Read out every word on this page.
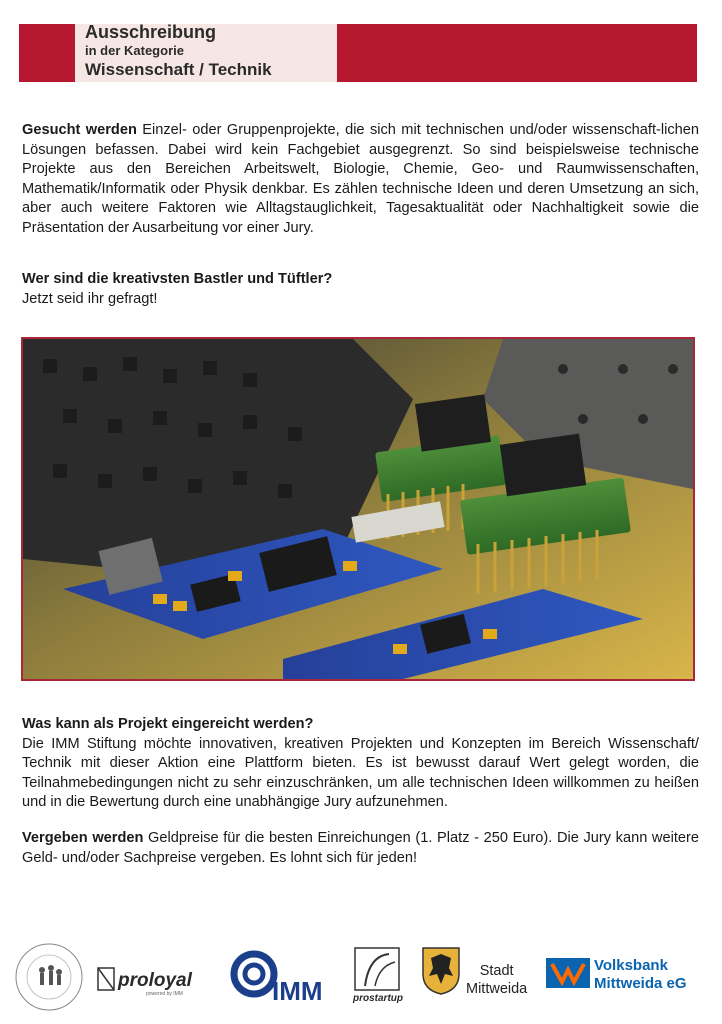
Ausschreibung
in der Kategorie
Wissenschaft / Technik
Gesucht werden Einzel- oder Gruppenprojekte, die sich mit technischen und/oder wissenschaft-lichen Lösungen befassen. Dabei wird kein Fachgebiet ausgegrenzt. So sind beispielsweise technische Projekte aus den Bereichen Arbeitswelt, Biologie, Chemie, Geo- und Raumwissenschaften, Mathematik/Informatik oder Physik denkbar. Es zählen technische Ideen und deren Umsetzung an sich, aber auch weitere Faktoren wie Alltagstauglichkeit, Tagesaktualität oder Nachhaltigkeit sowie die Präsentation der Ausarbeitung vor einer Jury.
Wer sind die kreativsten Bastler und Tüftler?
Jetzt seid ihr gefragt!
Was kann als Projekt eingereicht werden?
Die IMM Stiftung möchte innovativen, kreativen Projekten und Konzepten im Bereich Wissenschaft/ Technik mit dieser Aktion eine Plattform bieten. Es ist bewusst darauf Wert gelegt worden, die Teilnahmebedingungen nicht zu sehr einzuschränken, um alle technischen Ideen willkommen zu heißen und in die Bewertung durch eine unabhängige Jury aufzunehmen.
Vergeben werden Geldpreise für die besten Einreichungen (1. Platz - 250 Euro). Die Jury kann weitere Geld- und/oder Sachpreise vergeben. Es lohnt sich für jeden!
proloyal
powered by IMM	IMM	prostartup
Stadt
Mittweida
Volksbank
Mittweida eG
